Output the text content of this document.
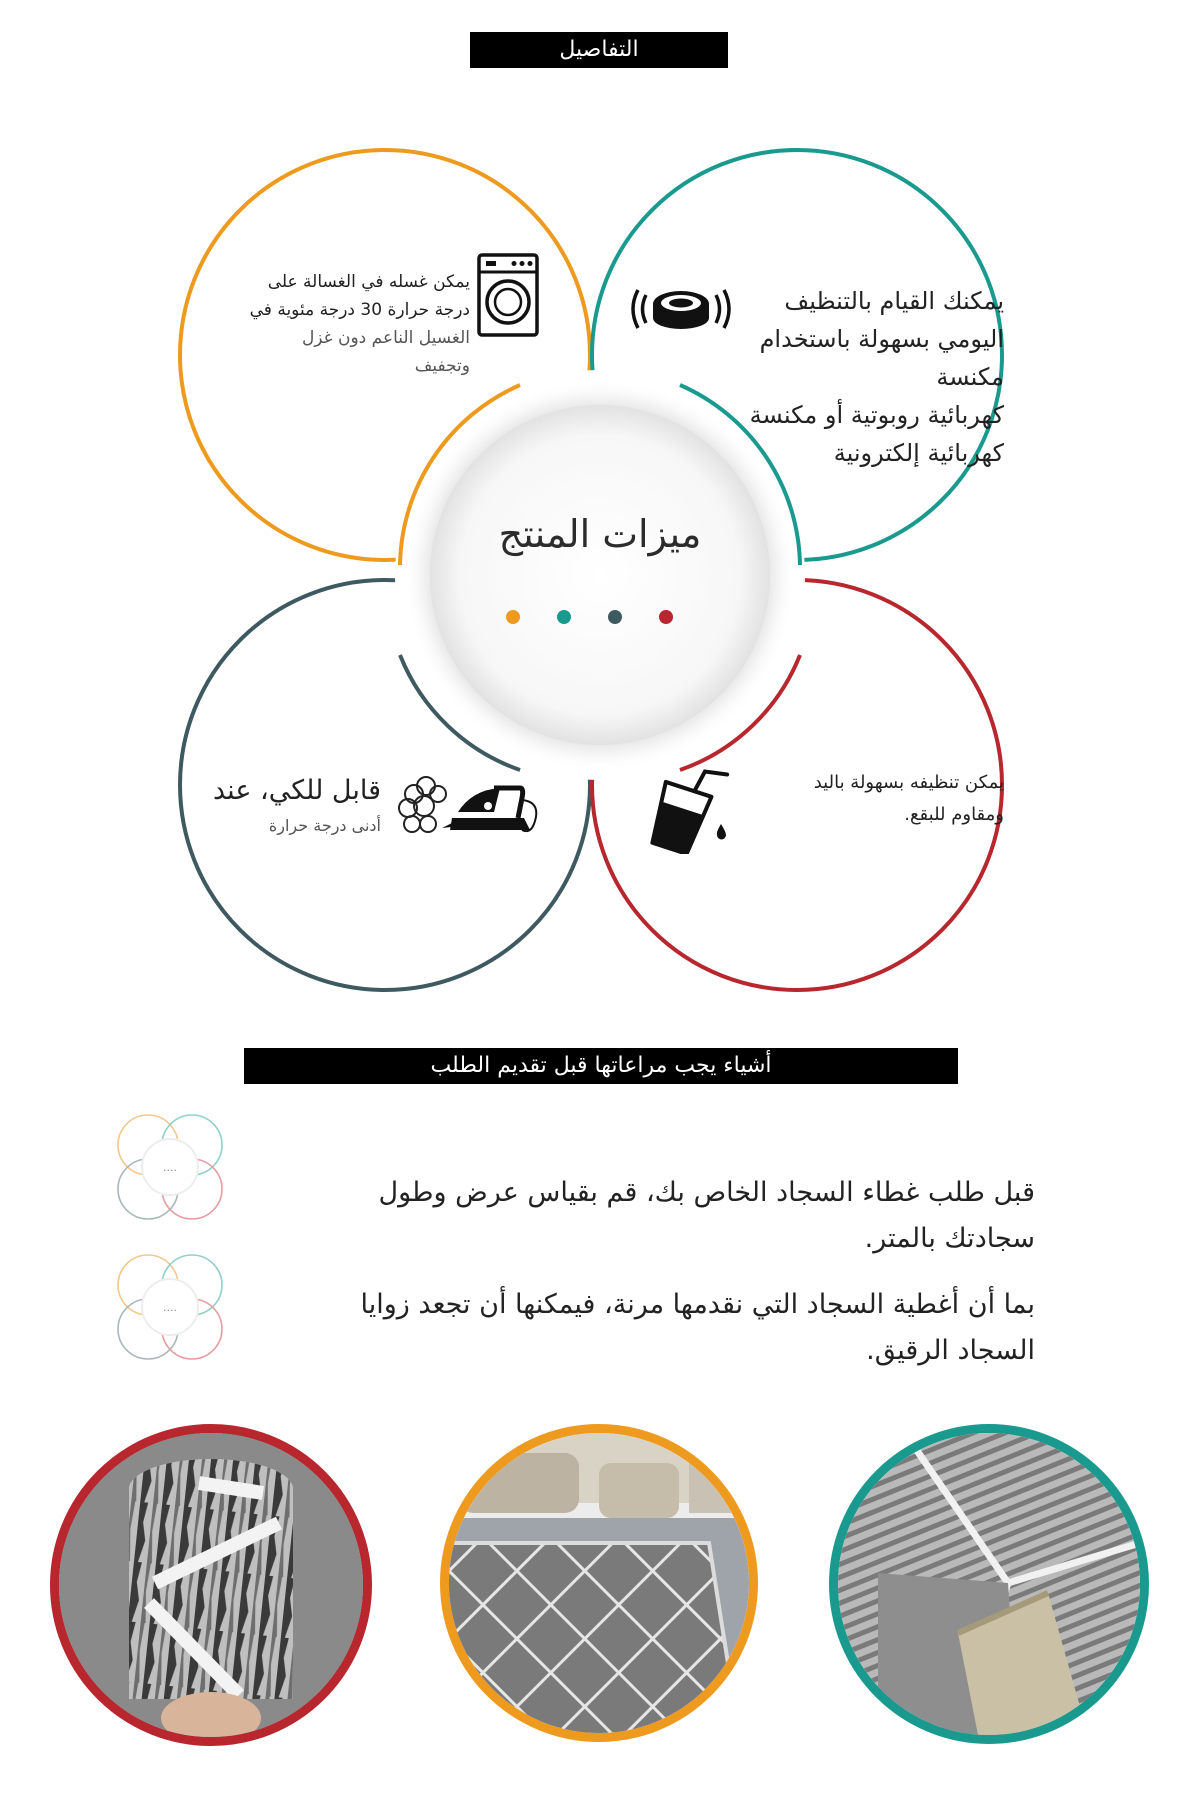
التفاصيل
ميزات المنتج
يمكن غسله في الغسالة على
درجة حرارة 30 درجة مئوية في
الغسيل الناعم دون غزل
وتجفيف
يمكنك القيام بالتنظيف
اليومي بسهولة باستخدام مكنسة
كهربائية روبوتية أو مكنسة
كهربائية إلكترونية
يمكن تنظيفه بسهولة باليد
ومقاوم للبقع.
قابل للكي، عند
أدنى درجة حرارة
أشياء يجب مراعاتها قبل تقديم الطلب
....
قبل طلب غطاء السجاد الخاص بك، قم بقياس عرض وطول
سجادتك بالمتر.
....	بما أن أغطية السجاد التي نقدمها مرنة، فيمكنها أن تجعد زوايا
السجاد الرقيق.
